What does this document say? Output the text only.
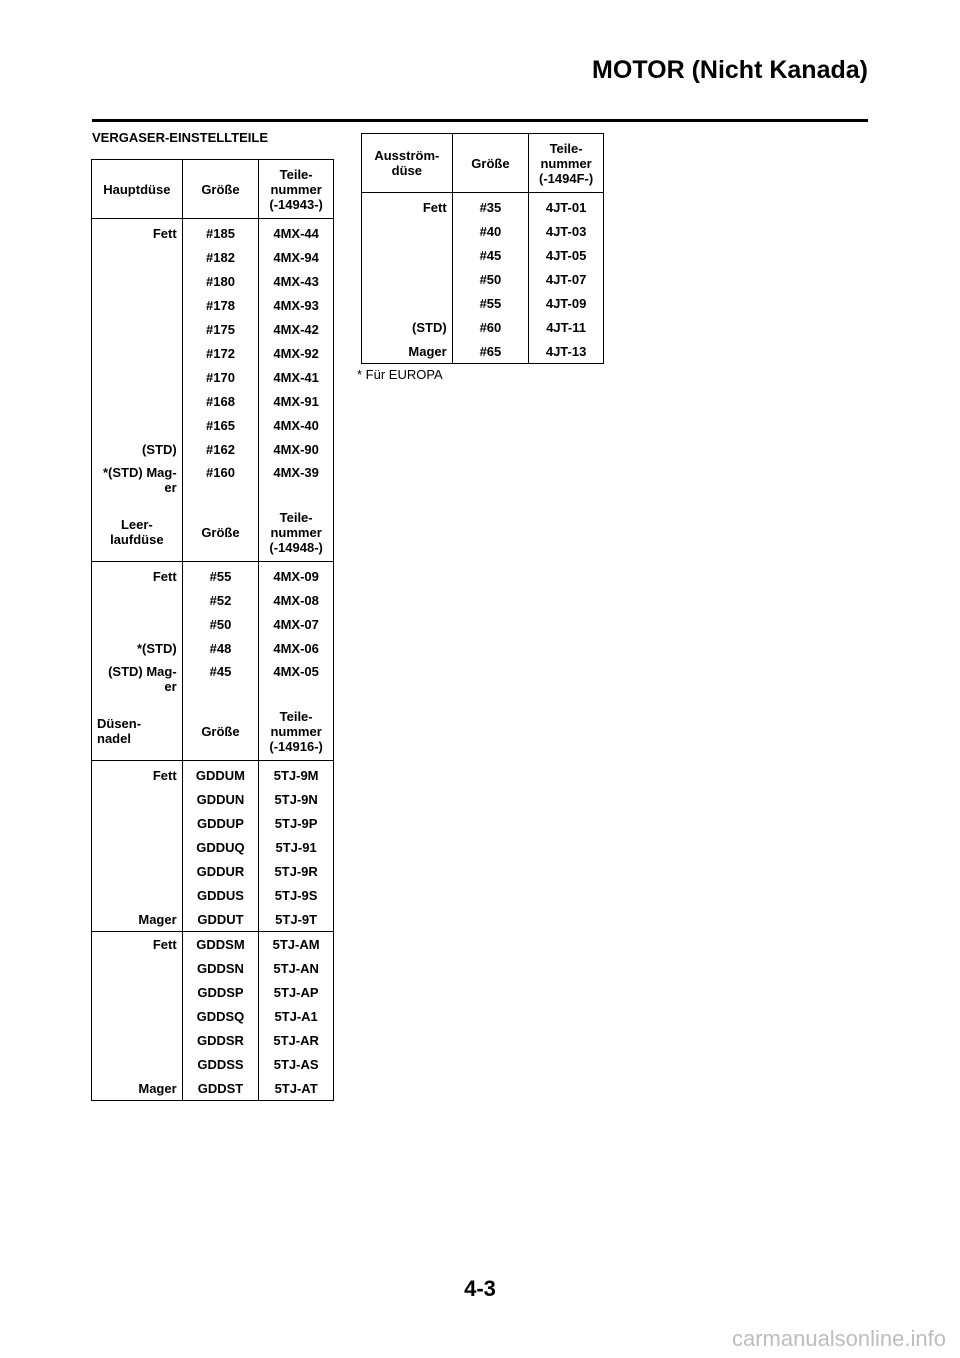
MOTOR (Nicht Kanada)
VERGASER-EINSTELLTEILE
Hauptdüse	Größe	Teile-
nummer
(-14943-)
Fett	#185	4MX-44
	#182	4MX-94
	#180	4MX-43
	#178	4MX-93
	#175	4MX-42
	#172	4MX-92
	#170	4MX-41
	#168	4MX-91
	#165	4MX-40
(STD)	#162	4MX-90
*(STD) Mag-
er	#160	4MX-39
Leer-
laufdüse	Größe	Teile-
nummer
(-14948-)
Fett	#55	4MX-09
	#52	4MX-08
	#50	4MX-07
*(STD)	#48	4MX-06
(STD) Mag-
er	#45	4MX-05
Düsen-
nadel	Größe	Teile-
nummer
(-14916-)
Fett	GDDUM	5TJ-9M
	GDDUN	5TJ-9N
	GDDUP	5TJ-9P
	GDDUQ	5TJ-91
	GDDUR	5TJ-9R
	GDDUS	5TJ-9S
Mager	GDDUT	5TJ-9T
Fett	GDDSM	5TJ-AM
	GDDSN	5TJ-AN
	GDDSP	5TJ-AP
	GDDSQ	5TJ-A1
	GDDSR	5TJ-AR
	GDDSS	5TJ-AS
Mager	GDDST	5TJ-AT
Ausström-
düse	Größe	Teile-
nummer
(-1494F-)
Fett	#35	4JT-01
	#40	4JT-03
	#45	4JT-05
	#50	4JT-07
	#55	4JT-09
(STD)	#60	4JT-11
Mager	#65	4JT-13
* Für EUROPA
4-3
carmanualsonline.info
